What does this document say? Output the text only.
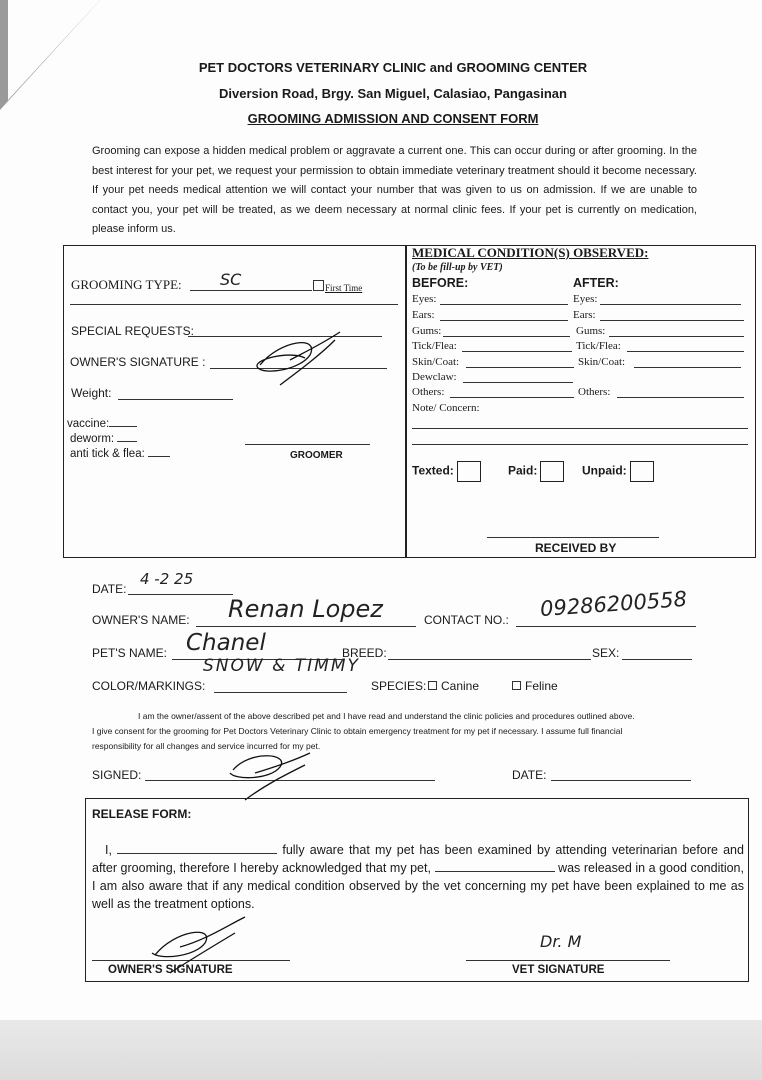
PET DOCTORS VETERINARY CLINIC and GROOMING CENTER
Diversion Road, Brgy. San Miguel, Calasiao, Pangasinan
GROOMING ADMISSION AND CONSENT FORM
Grooming can expose a hidden medical problem or aggravate a current one. This can occur during or after grooming. In the best interest for your pet, we request your permission to obtain immediate veterinary treatment should it become necessary. If your pet needs medical attention we will contact your number that was given to us on admission. If we are unable to contact you, your pet will be treated, as we deem necessary at normal clinic fees. If your pet is currently on medication, please inform us.
GROOMING TYPE: SC	First Time
SPECIAL REQUESTS:
OWNER'S SIGNATURE :
Weight:
vaccine:
deworm:
anti tick & flea:	GROOMER
MEDICAL CONDITION(S) OBSERVED:
(To be fill-up by VET)
BEFORE:	AFTER:
Eyes:	Eyes:
Ears:	Ears:
Gums:	Gums:
Tick/Flea:	Tick/Flea:
Skin/Coat:	Skin/Coat:
Dewclaw:
Others:	Others:
Note/ Concern:
Texted:	Paid:	Unpaid:
RECEIVED BY
DATE:
4 -2 25
OWNER'S NAME: Renan Lopez	CONTACT NO.: 09286200558
PET'S NAME: Chanel
SNOW & TIMMY
BREED:	SEX:
COLOR/MARKINGS:	SPECIES:	Canine	Feline
I am the owner/assent of the above described pet and I have read and understand the clinic policies and procedures outlined above.
I give consent for the grooming for Pet Doctors Veterinary Clinic to obtain emergency treatment for my pet if necessary. I assume full financial
responsibility for all changes and service incurred for my pet.
SIGNED:	DATE:
RELEASE FORM:
I,	fully aware that my pet has been examined by attending veterinarian before and after grooming, therefore I hereby acknowledged that my pet,	was released in a good condition, I am also aware that if any medical condition observed by the vet concerning my pet have been explained to me as well as the treatment options.
OWNER'S SIGNATURE
Dr. M
VET SIGNATURE
